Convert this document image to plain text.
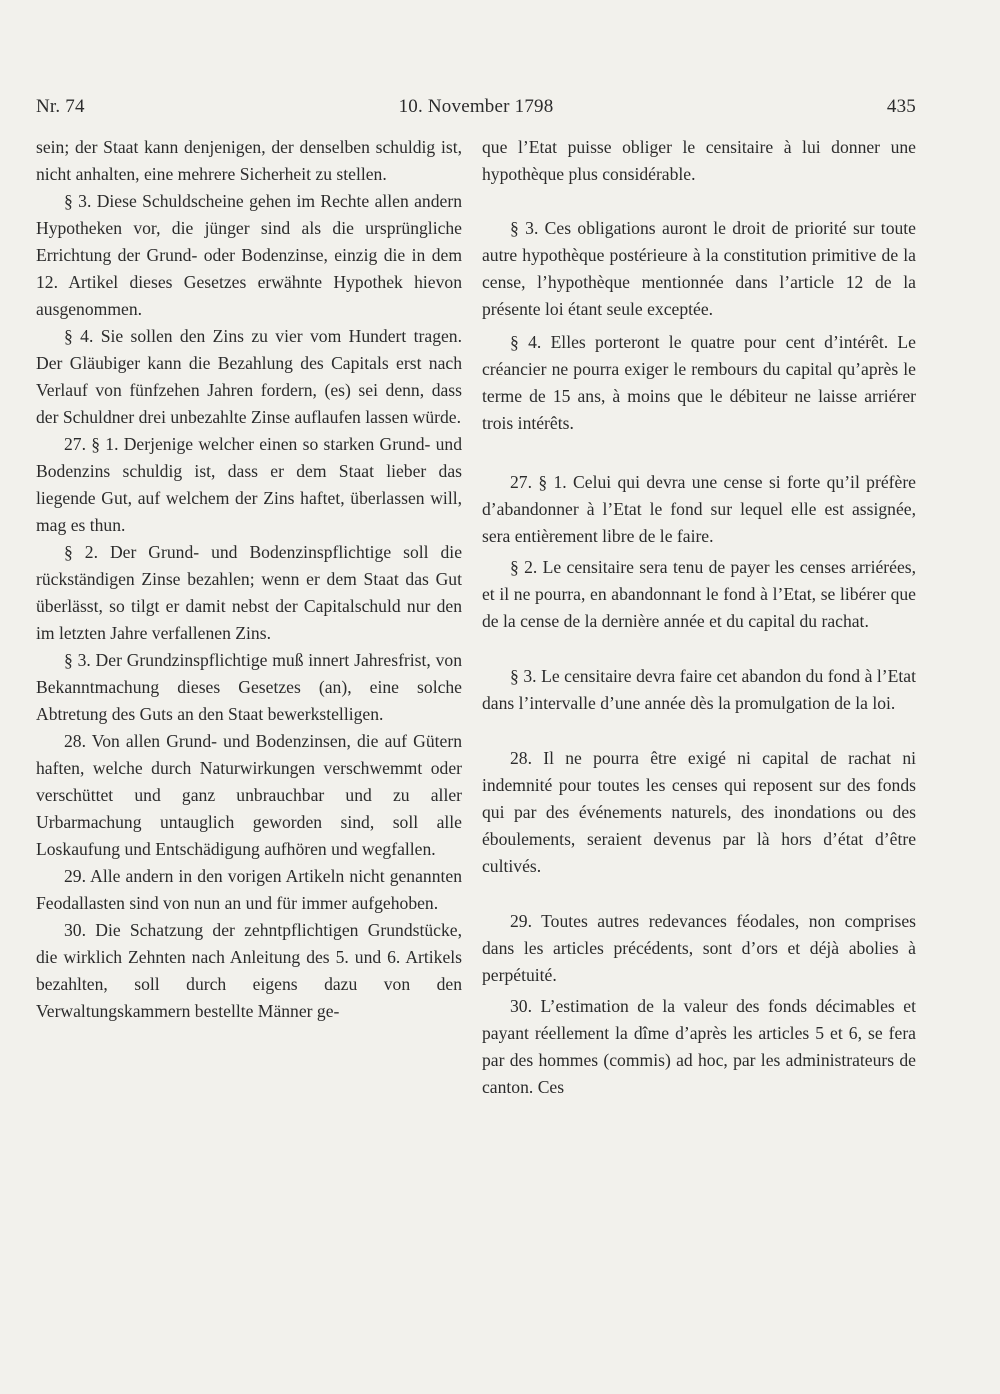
Nr. 74	10. November 1798	435

sein; der Staat kann denjenigen, der denselben schuldig ist, nicht anhalten, eine mehrere Sicherheit zu stellen.

§ 3. Diese Schuldscheine gehen im Rechte allen andern Hypotheken vor, die jünger sind als die ursprüngliche Errichtung der Grund- oder Bodenzinse, einzig die in dem 12. Artikel dieses Gesetzes erwähnte Hypothek hievon ausgenommen.

§ 4. Sie sollen den Zins zu vier vom Hundert tragen. Der Gläubiger kann die Bezahlung des Capitals erst nach Verlauf von fünfzehen Jahren fordern, (es) sei denn, dass der Schuldner drei unbezahlte Zinse auflaufen lassen würde.

27. § 1. Derjenige welcher einen so starken Grund- und Bodenzins schuldig ist, dass er dem Staat lieber das liegende Gut, auf welchem der Zins haftet, überlassen will, mag es thun.

§ 2. Der Grund- und Bodenzinspflichtige soll die rückständigen Zinse bezahlen; wenn er dem Staat das Gut überlässt, so tilgt er damit nebst der Capitalschuld nur den im letzten Jahre verfallenen Zins.

§ 3. Der Grundzinspflichtige muß innert Jahresfrist, von Bekanntmachung dieses Gesetzes (an), eine solche Abtretung des Guts an den Staat bewerkstelligen.

28. Von allen Grund- und Bodenzinsen, die auf Gütern haften, welche durch Naturwirkungen verschwemmt oder verschüttet und ganz unbrauchbar und zu aller Urbarmachung untauglich geworden sind, soll alle Loskaufung und Entschädigung aufhören und wegfallen.

29. Alle andern in den vorigen Artikeln nicht genannten Feodallasten sind von nun an und für immer aufgehoben.

30. Die Schatzung der zehntpflichtigen Grundstücke, die wirklich Zehnten nach Anleitung des 5. und 6. Artikels bezahlten, soll durch eigens dazu von den Verwaltungskammern bestellte Männer ge-

que l’Etat puisse obliger le censitaire à lui donner une hypothèque plus considérable.

§ 3. Ces obligations auront le droit de priorité sur toute autre hypothèque postérieure à la constitution primitive de la cense, l’hypothèque mentionnée dans l’article 12 de la présente loi étant seule exceptée.

§ 4. Elles porteront le quatre pour cent d’intérêt. Le créancier ne pourra exiger le rembours du capital qu’après le terme de 15 ans, à moins que le débiteur ne laisse arriérer trois intérêts.

27. § 1. Celui qui devra une cense si forte qu’il préfère d’abandonner à l’Etat le fond sur lequel elle est assignée, sera entièrement libre de le faire.

§ 2. Le censitaire sera tenu de payer les censes arriérées, et il ne pourra, en abandonnant le fond à l’Etat, se libérer que de la cense de la dernière année et du capital du rachat.

§ 3. Le censitaire devra faire cet abandon du fond à l’Etat dans l’intervalle d’une année dès la promulgation de la loi.

28. Il ne pourra être exigé ni capital de rachat ni indemnité pour toutes les censes qui reposent sur des fonds qui par des événements naturels, des inondations ou des éboulements, seraient devenus par là hors d’état d’être cultivés.

29. Toutes autres redevances féodales, non comprises dans les articles précédents, sont d’ors et déjà abolies à perpétuité.

30. L’estimation de la valeur des fonds décimables et payant réellement la dîme d’après les articles 5 et 6, se fera par des hommes (commis) ad hoc, par les administrateurs de canton. Ces
